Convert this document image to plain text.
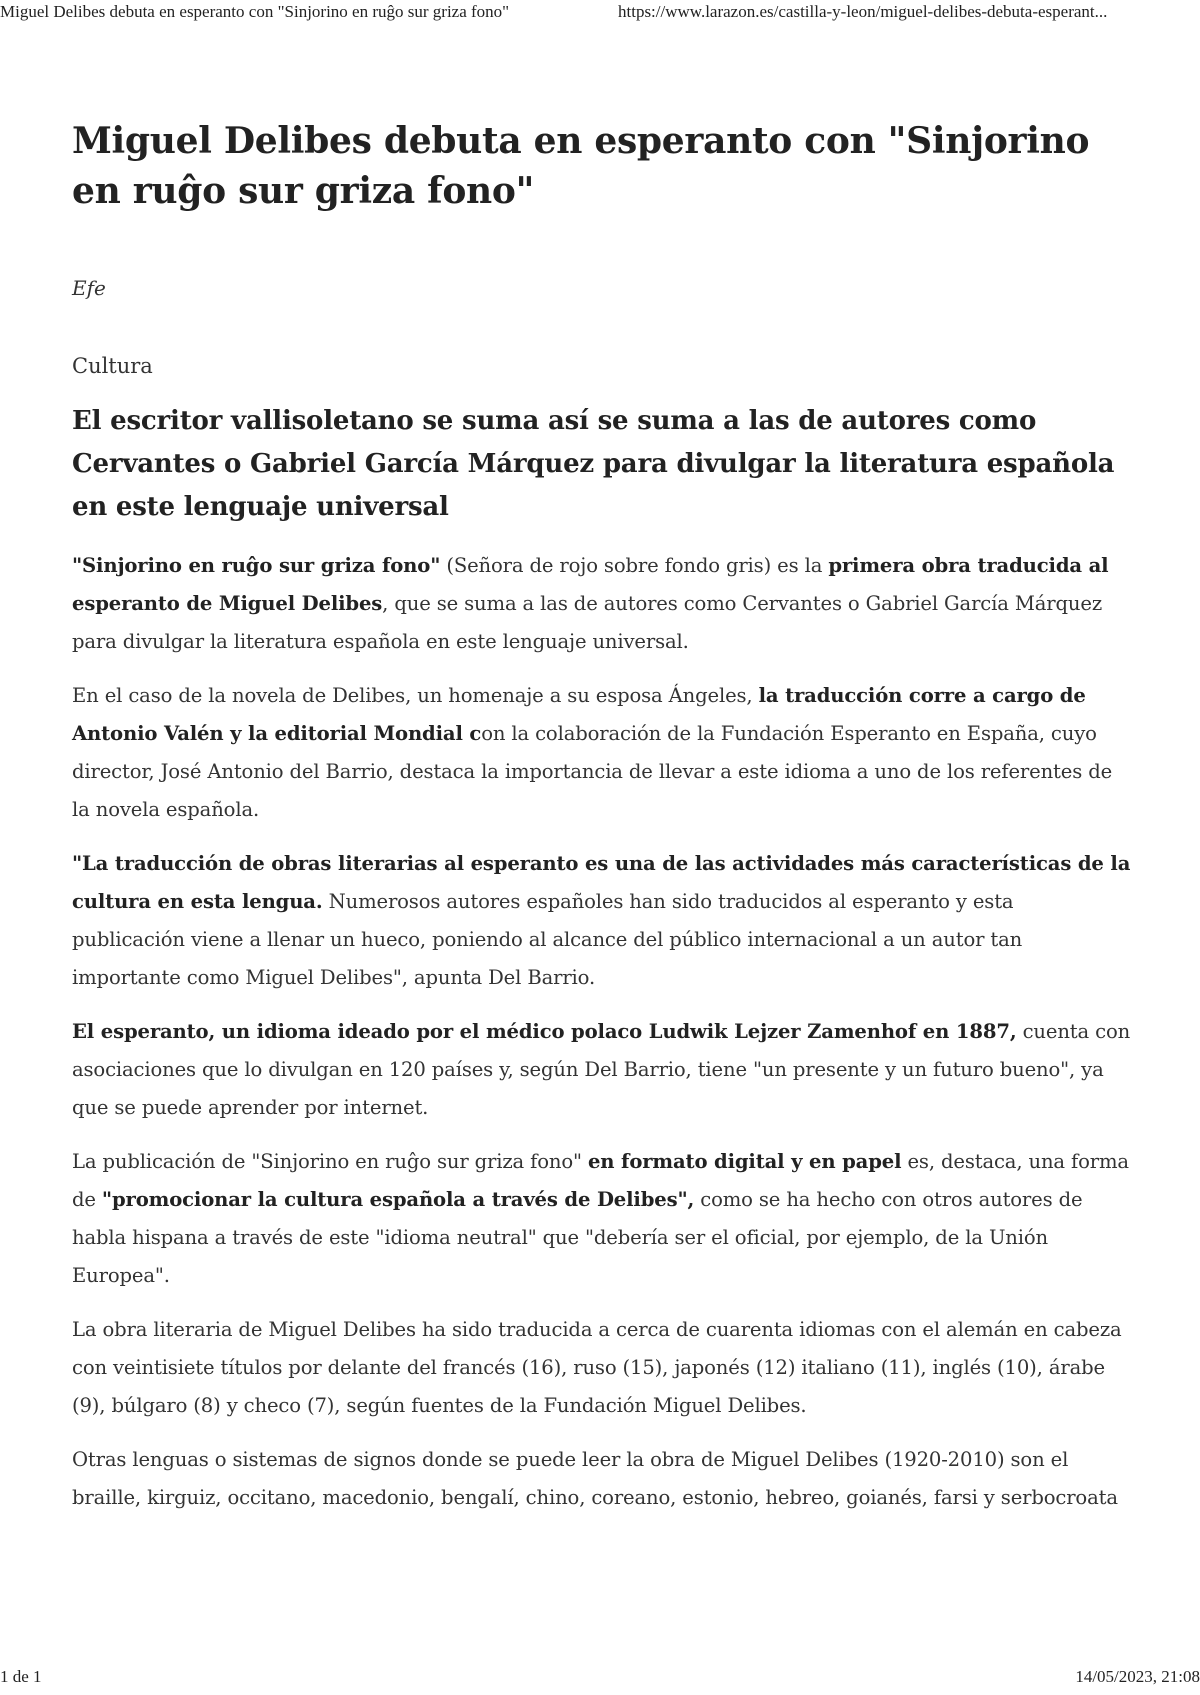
Miguel Delibes debuta en esperanto con "Sinjorino en ruĝo sur griza fono"	https://www.larazon.es/castilla-y-leon/miguel-delibes-debuta-esperant...
Miguel Delibes debuta en esperanto con "Sinjorino en ruĝo sur griza fono"
Efe
Cultura
El escritor vallisoletano se suma así se suma a las de autores como Cervantes o Gabriel García Márquez para divulgar la literatura española en este lenguaje universal

"Sinjorino en ruĝo sur griza fono" (Señora de rojo sobre fondo gris) es la primera obra traducida al esperanto de Miguel Delibes, que se suma a las de autores como Cervantes o Gabriel García Márquez para divulgar la literatura española en este lenguaje universal.

En el caso de la novela de Delibes, un homenaje a su esposa Ángeles, la traducción corre a cargo de Antonio Valén y la editorial Mondial con la colaboración de la Fundación Esperanto en España, cuyo director, José Antonio del Barrio, destaca la importancia de llevar a este idioma a uno de los referentes de la novela española.

"La traducción de obras literarias al esperanto es una de las actividades más características de la cultura en esta lengua. Numerosos autores españoles han sido traducidos al esperanto y esta publicación viene a llenar un hueco, poniendo al alcance del público internacional a un autor tan importante como Miguel Delibes", apunta Del Barrio.

El esperanto, un idioma ideado por el médico polaco Ludwik Lejzer Zamenhof en 1887, cuenta con asociaciones que lo divulgan en 120 países y, según Del Barrio, tiene "un presente y un futuro bueno", ya que se puede aprender por internet.

La publicación de "Sinjorino en ruĝo sur griza fono" en formato digital y en papel es, destaca, una forma de "promocionar la cultura española a través de Delibes", como se ha hecho con otros autores de habla hispana a través de este "idioma neutral" que "debería ser el oficial, por ejemplo, de la Unión Europea".

La obra literaria de Miguel Delibes ha sido traducida a cerca de cuarenta idiomas con el alemán en cabeza con veintisiete títulos por delante del francés (16), ruso (15), japonés (12) italiano (11), inglés (10), árabe (9), búlgaro (8) y checo (7), según fuentes de la Fundación Miguel Delibes.

Otras lenguas o sistemas de signos donde se puede leer la obra de Miguel Delibes (1920-2010) son el braille, kirguiz, occitano, macedonio, bengalí, chino, coreano, estonio, hebreo, goianés, farsi y serbocroata

1 de 1	14/05/2023, 21:08
